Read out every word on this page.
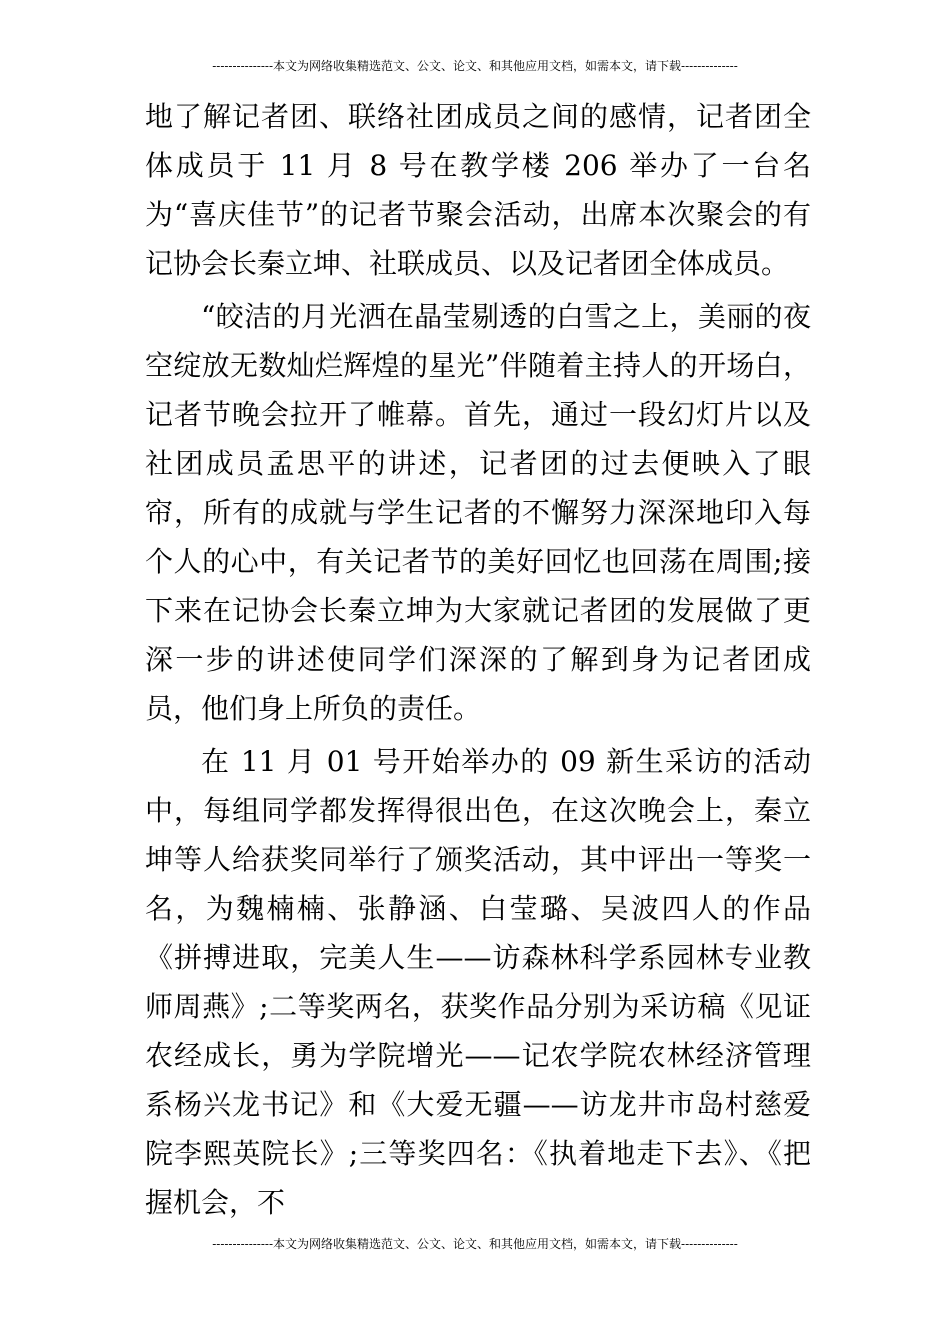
---------------本文为网络收集精选范文、公文、论文、和其他应用文档，如需本文，请下载--------------

地了解记者团、联络社团成员之间的感情，记者团全体成员于 11 月 8 号在教学楼 206 举办了一台名为“喜庆佳节”的记者节聚会活动，出席本次聚会的有记协会长秦立坤、社联成员、以及记者团全体成员。

“皎洁的月光洒在晶莹剔透的白雪之上，美丽的夜空绽放无数灿烂辉煌的星光”伴随着主持人的开场白，记者节晚会拉开了帷幕。首先，通过一段幻灯片以及社团成员孟思平的讲述，记者团的过去便映入了眼帘，所有的成就与学生记者的不懈努力深深地印入每个人的心中，有关记者节的美好回忆也回荡在周围;接下来在记协会长秦立坤为大家就记者团的发展做了更深一步的讲述使同学们深深的了解到身为记者团成员，他们身上所负的责任。

在 11 月 01 号开始举办的 09 新生采访的活动中，每组同学都发挥得很出色，在这次晚会上，秦立坤等人给获奖同举行了颁奖活动，其中评出一等奖一名，为魏楠楠、张静涵、白莹璐、吴波四人的作品《拼搏进取，完美人生——访森林科学系园林专业教师周燕》;二等奖两名，获奖作品分别为采访稿《见证农经成长，勇为学院增光——记农学院农林经济管理系杨兴龙书记》和《大爱无疆——访龙井市岛村慈爱院李熙英院长》;三等奖四名：《执着地走下去》、《把握机会，不

---------------本文为网络收集精选范文、公文、论文、和其他应用文档，如需本文，请下载--------------
